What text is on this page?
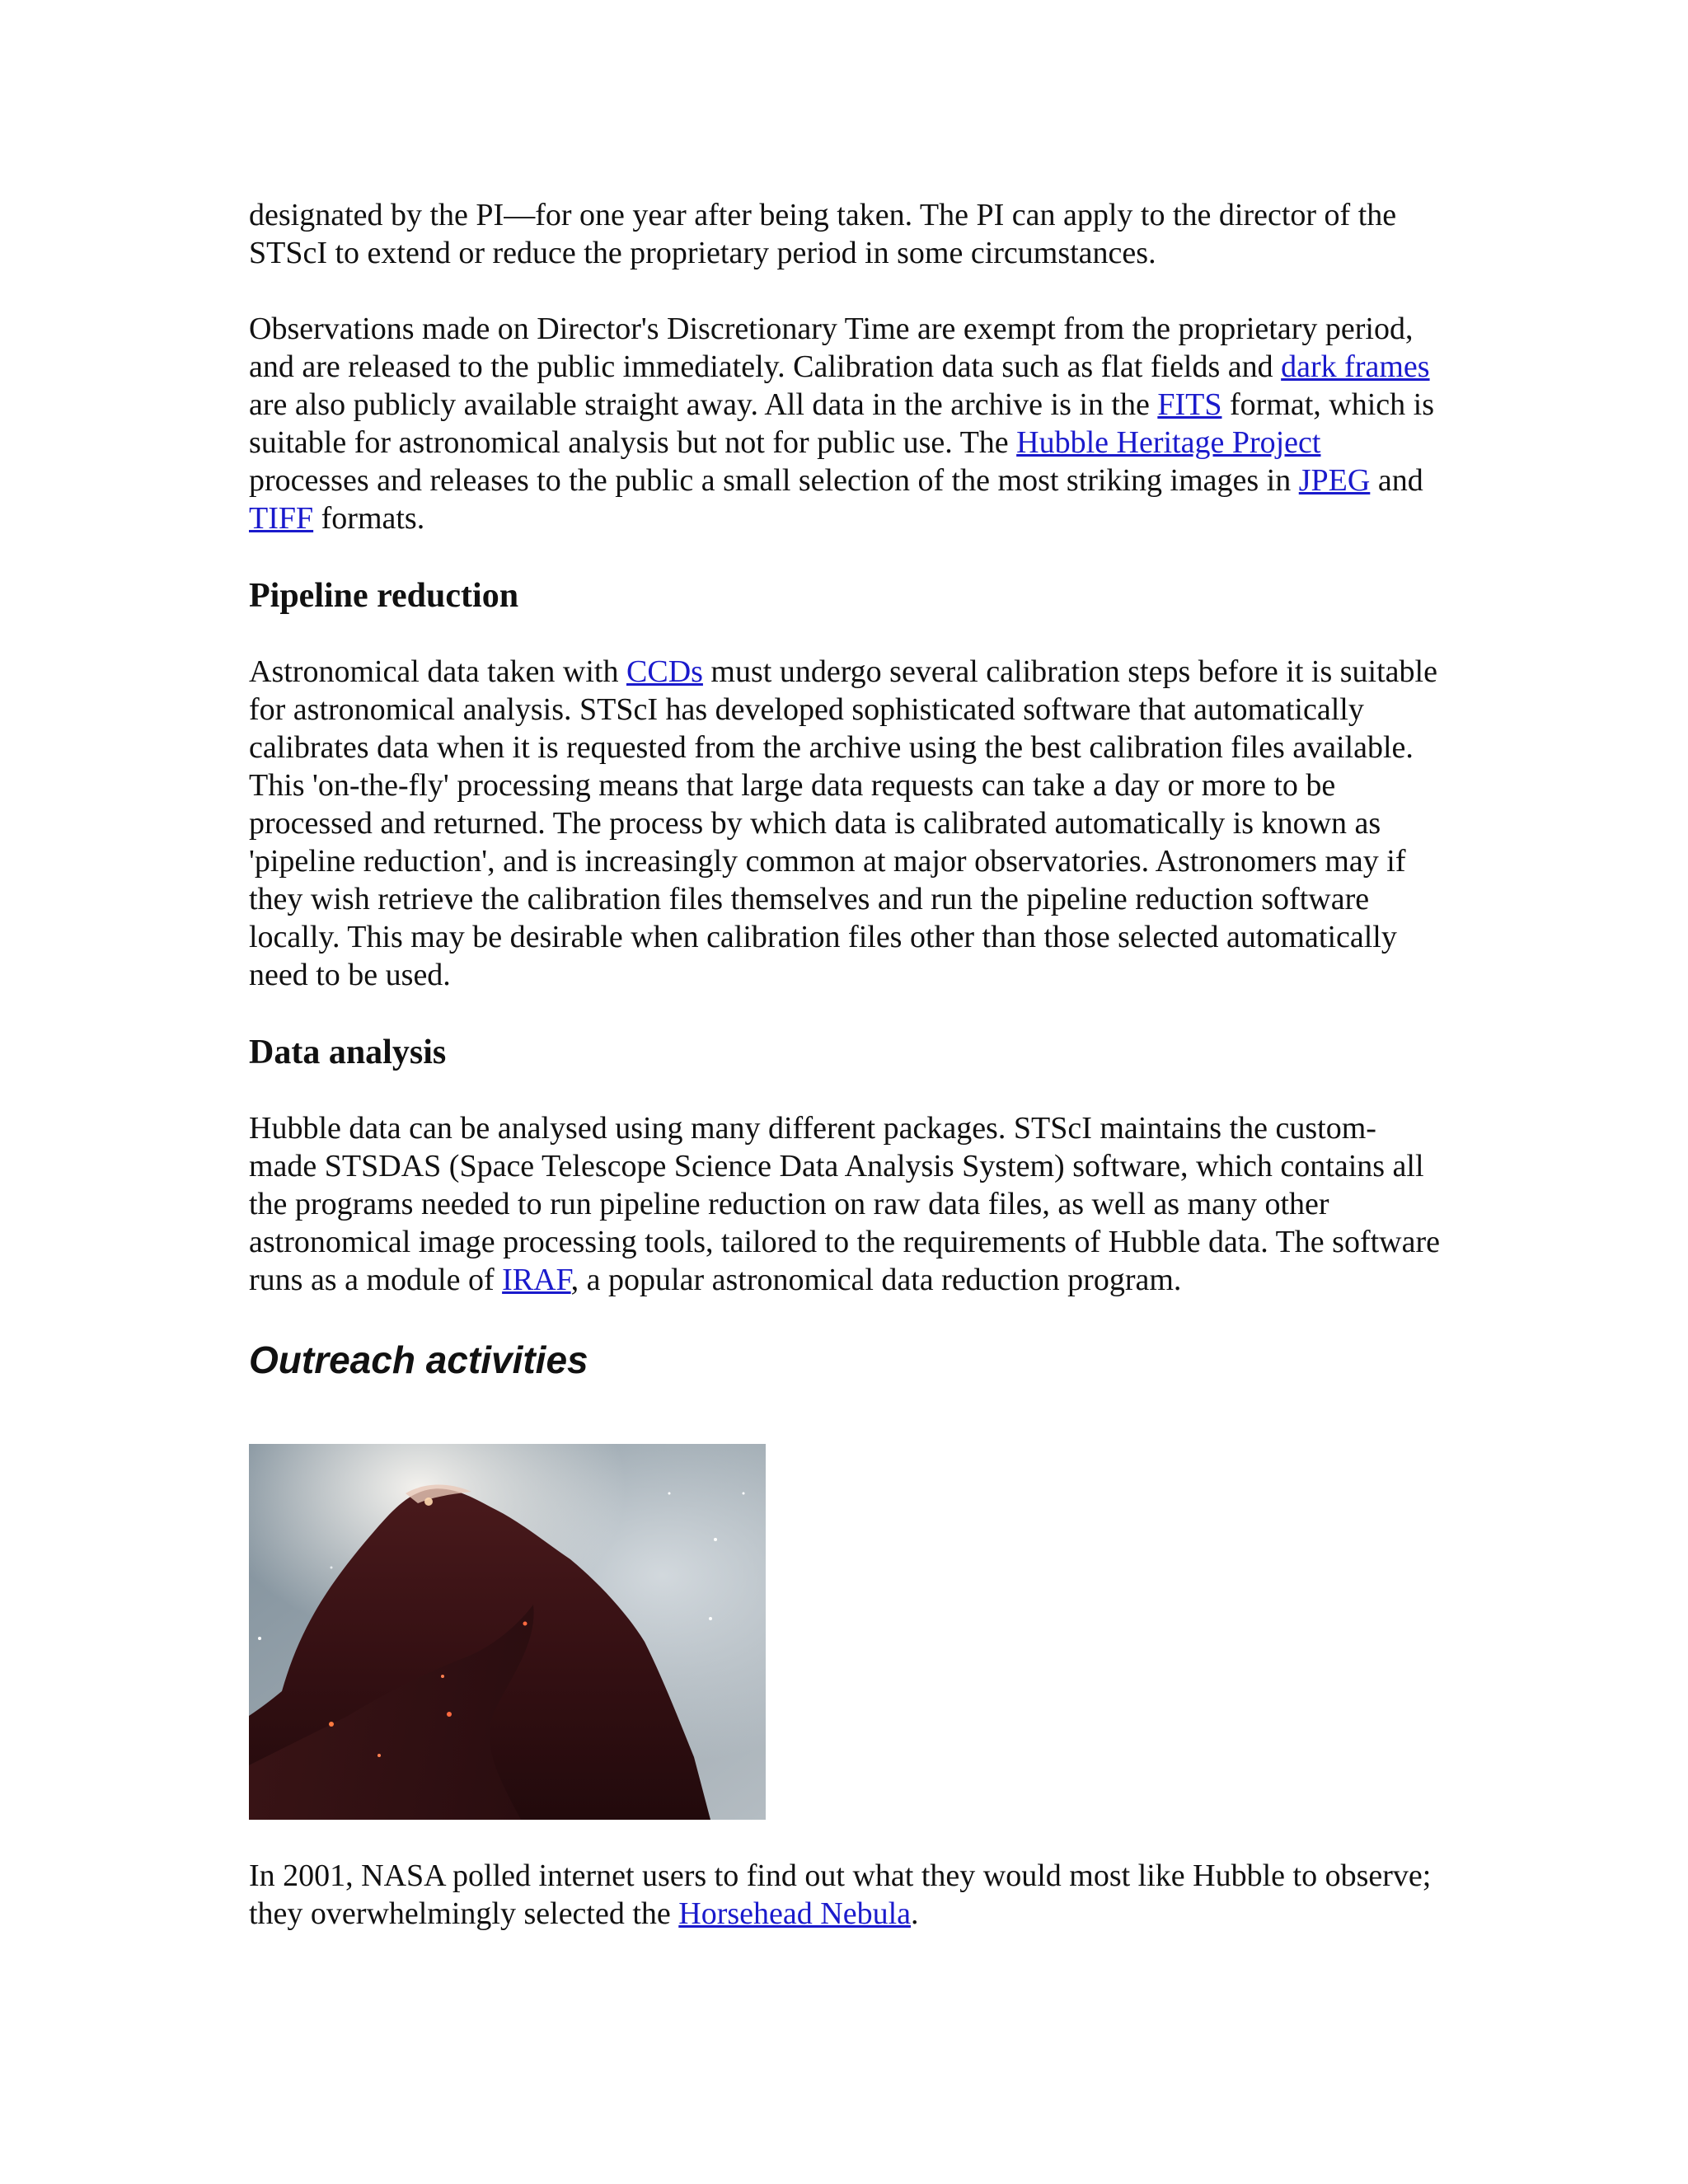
designated by the PI—for one year after being taken. The PI can apply to the director of the STScI to extend or reduce the proprietary period in some circumstances.

Observations made on Director's Discretionary Time are exempt from the proprietary period, and are released to the public immediately. Calibration data such as flat fields and dark frames are also publicly available straight away. All data in the archive is in the FITS format, which is suitable for astronomical analysis but not for public use. The Hubble Heritage Project processes and releases to the public a small selection of the most striking images in JPEG and TIFF formats.

Pipeline reduction

Astronomical data taken with CCDs must undergo several calibration steps before it is suitable for astronomical analysis. STScI has developed sophisticated software that automatically calibrates data when it is requested from the archive using the best calibration files available. This 'on-the-fly' processing means that large data requests can take a day or more to be processed and returned. The process by which data is calibrated automatically is known as 'pipeline reduction', and is increasingly common at major observatories. Astronomers may if they wish retrieve the calibration files themselves and run the pipeline reduction software locally. This may be desirable when calibration files other than those selected automatically need to be used.

Data analysis

Hubble data can be analysed using many different packages. STScI maintains the custom-made STSDAS (Space Telescope Science Data Analysis System) software, which contains all the programs needed to run pipeline reduction on raw data files, as well as many other astronomical image processing tools, tailored to the requirements of Hubble data. The software runs as a module of IRAF, a popular astronomical data reduction program.

Outreach activities

In 2001, NASA polled internet users to find out what they would most like Hubble to observe; they overwhelmingly selected the Horsehead Nebula.
